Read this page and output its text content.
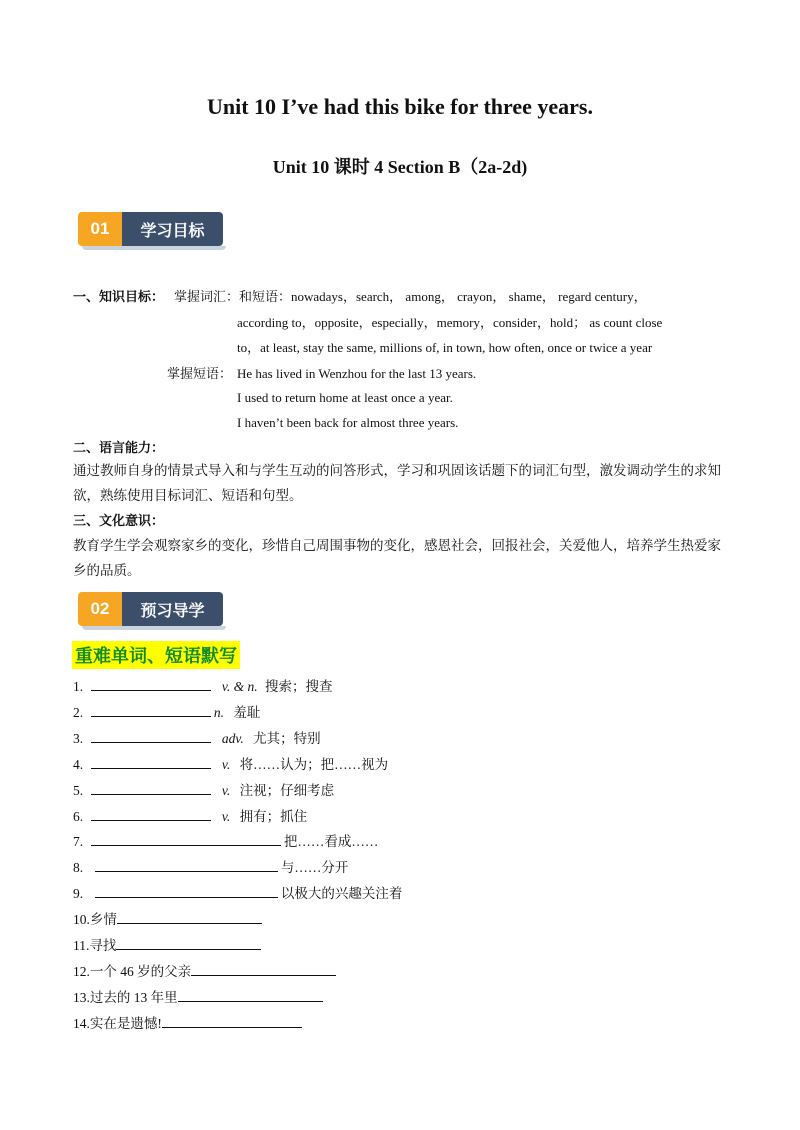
Unit 10 I’ve had this bike for three years.
Unit 10 课时 4 Section B（2a-2d)
01	学习目标
一、知识目标： 掌握词汇：和短语：nowadays，search， among， crayon， shame， regard century，
according to，opposite，especially，memory，consider，hold； as count close
to，at least, stay the same, millions of, in town, how often, once or twice a year
掌握短语： He has lived in Wenzhou for the last 13 years.
I used to return home at least once a year.
I haven’t been back for almost three years.
二、语言能力：
通过教师自身的情景式导入和与学生互动的问答形式，学习和巩固该话题下的词汇句型，激发调动学生的求知欲，熟练使用目标词汇、短语和句型。
三、文化意识：
教育学生学会观察家乡的变化，珍惜自己周围事物的变化，感恩社会，回报社会，关爱他人，培养学生热爱家乡的品质。
02	预习导学
重难单词、短语默写
1.	v. & n. 搜索；搜查
2.	n. 羞耻
3.	adv. 尤其；特别
4.	v. 将……认为；把……视为
5.	v. 注视；仔细考虑
6.	v. 拥有；抓住
7.	把……看成……
8.	与……分开
9.	以极大的兴趣关注着
10.乡情
11.寻找
12.一个 46 岁的父亲
13.过去的 13 年里
14.实在是遗憾!
